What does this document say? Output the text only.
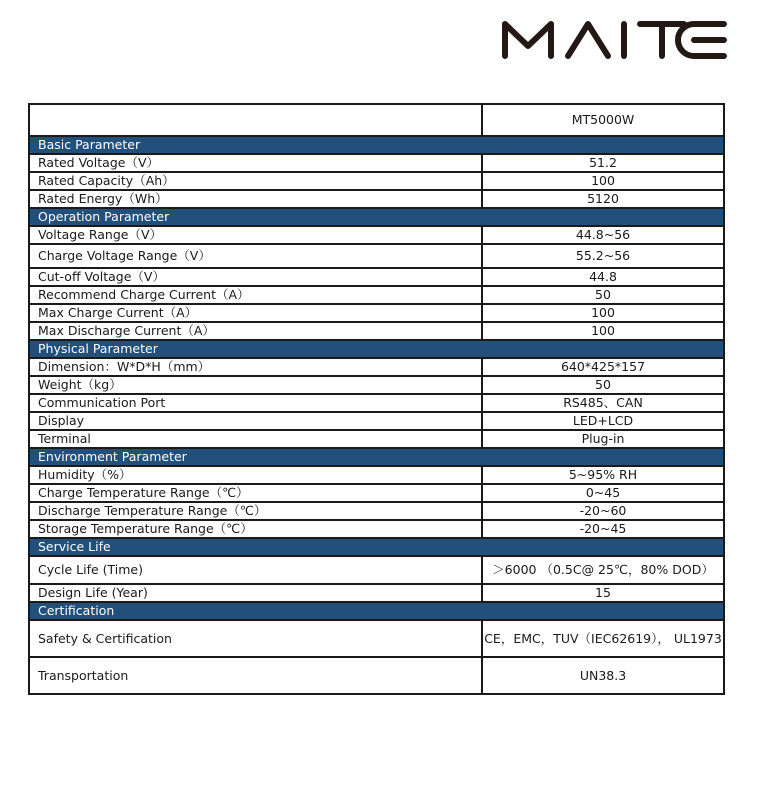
	MT5000W
Basic Parameter	
Rated Voltage（V）	51.2
Rated Capacity（Ah）	100
Rated Energy（Wh）	5120
Operation Parameter	
Voltage Range（V）	44.8~56
Charge Voltage Range（V）	55.2~56
Cut-off Voltage（V）	44.8
Recommend Charge Current（A）	50
Max Charge Current（A）	100
Max Discharge Current（A）	100
Physical Parameter	
Dimension：W*D*H（mm）	640*425*157
Weight（kg）	50
Communication Port	RS485、CAN
Display	LED+LCD
Terminal	Plug-in
Environment Parameter	
Humidity（%）	5~95% RH
Charge Temperature Range（℃）	0~45
Discharge Temperature Range（℃）	-20~60
Storage Temperature Range（℃）	-20~45
Service Life	
Cycle Life (Time)	＞6000 （0.5C@ 25℃，80% DOD）
Design Life (Year)	15
Certification	
Safety & Certification	CE，EMC，TUV（IEC62619）， UL1973
Transportation	UN38.3
